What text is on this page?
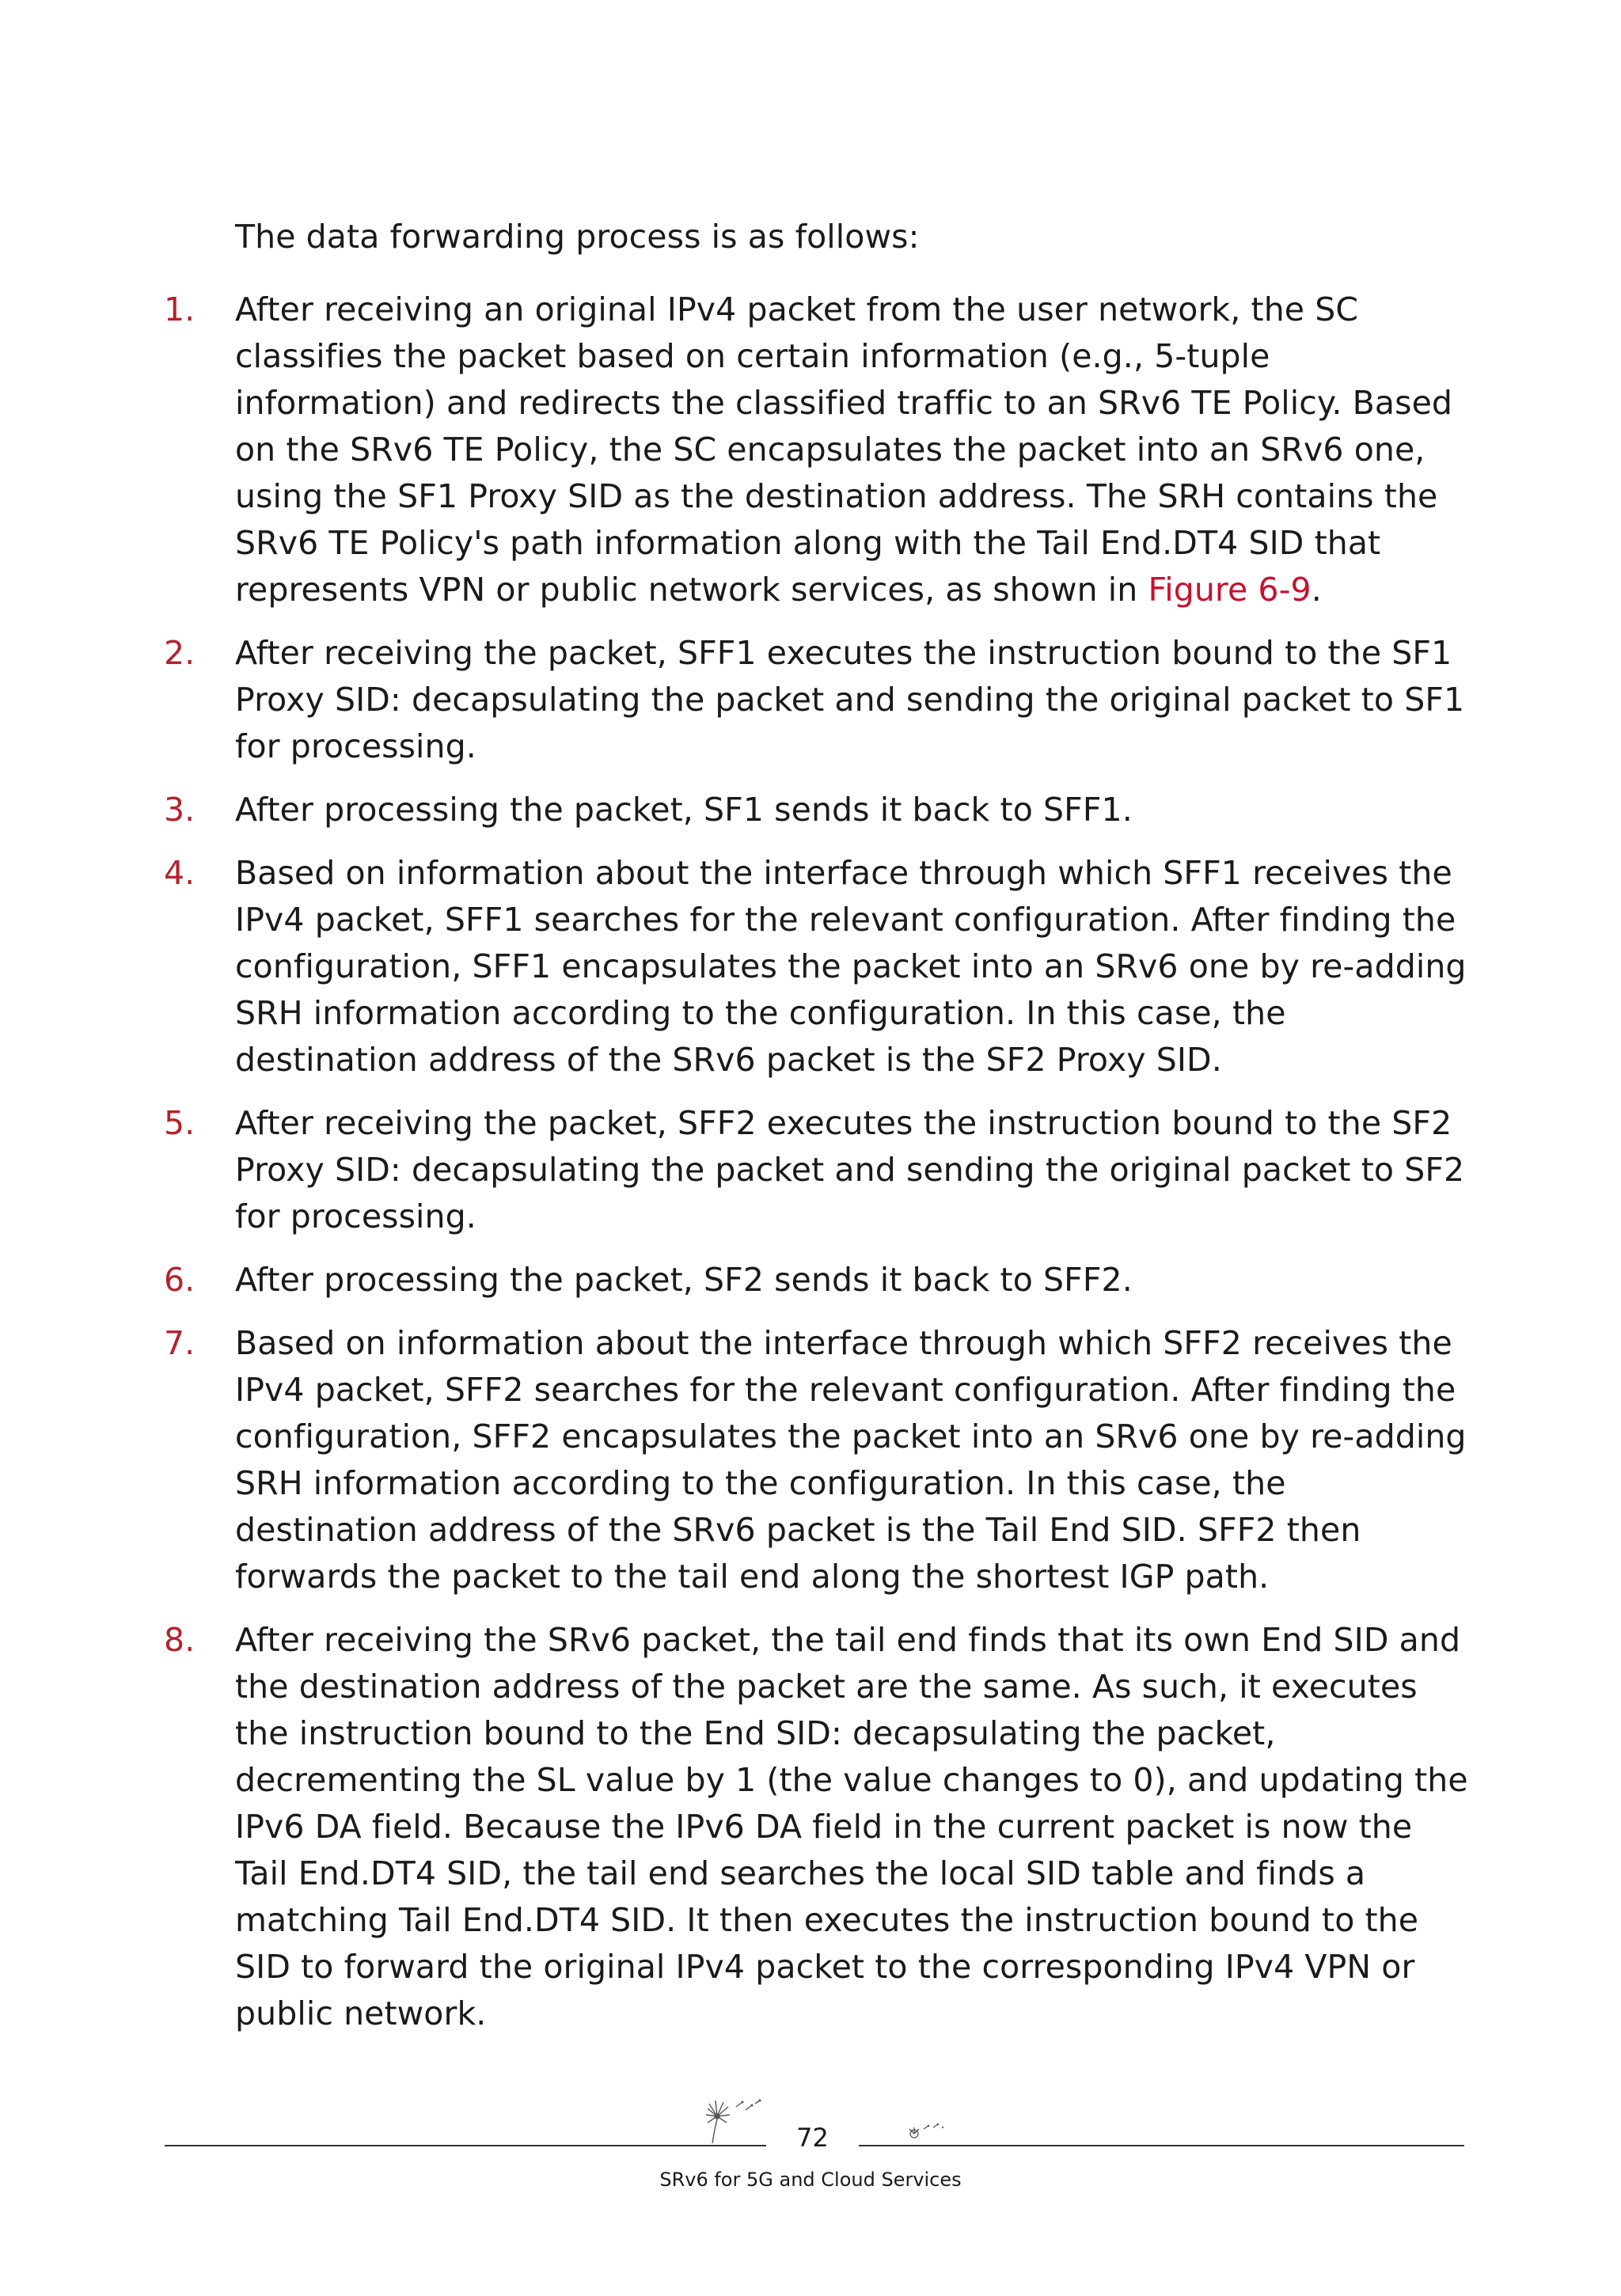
The data forwarding process is as follows:

1. After receiving an original IPv4 packet from the user network, the SC classifies the packet based on certain information (e.g., 5-tuple information) and redirects the classified traffic to an SRv6 TE Policy. Based on the SRv6 TE Policy, the SC encapsulates the packet into an SRv6 one, using the SF1 Proxy SID as the destination address. The SRH contains the SRv6 TE Policy's path information along with the Tail End.DT4 SID that represents VPN or public network services, as shown in Figure 6-9.
2. After receiving the packet, SFF1 executes the instruction bound to the SF1 Proxy SID: decapsulating the packet and sending the original packet to SF1 for processing.
3. After processing the packet, SF1 sends it back to SFF1.
4. Based on information about the interface through which SFF1 receives the IPv4 packet, SFF1 searches for the relevant configuration. After finding the configuration, SFF1 encapsulates the packet into an SRv6 one by re-adding SRH information according to the configuration. In this case, the destination address of the SRv6 packet is the SF2 Proxy SID.
5. After receiving the packet, SFF2 executes the instruction bound to the SF2 Proxy SID: decapsulating the packet and sending the original packet to SF2 for processing.
6. After processing the packet, SF2 sends it back to SFF2.
7. Based on information about the interface through which SFF2 receives the IPv4 packet, SFF2 searches for the relevant configuration. After finding the configuration, SFF2 encapsulates the packet into an SRv6 one by re-adding SRH information according to the configuration. In this case, the destination address of the SRv6 packet is the Tail End SID. SFF2 then forwards the packet to the tail end along the shortest IGP path.
8. After receiving the SRv6 packet, the tail end finds that its own End SID and the destination address of the packet are the same. As such, it executes the instruction bound to the End SID: decapsulating the packet, decrementing the SL value by 1 (the value changes to 0), and updating the IPv6 DA field. Because the IPv6 DA field in the current packet is now the Tail End.DT4 SID, the tail end searches the local SID table and finds a matching Tail End.DT4 SID. It then executes the instruction bound to the SID to forward the original IPv4 packet to the corresponding IPv4 VPN or public network.
72
SRv6 for 5G and Cloud Services
